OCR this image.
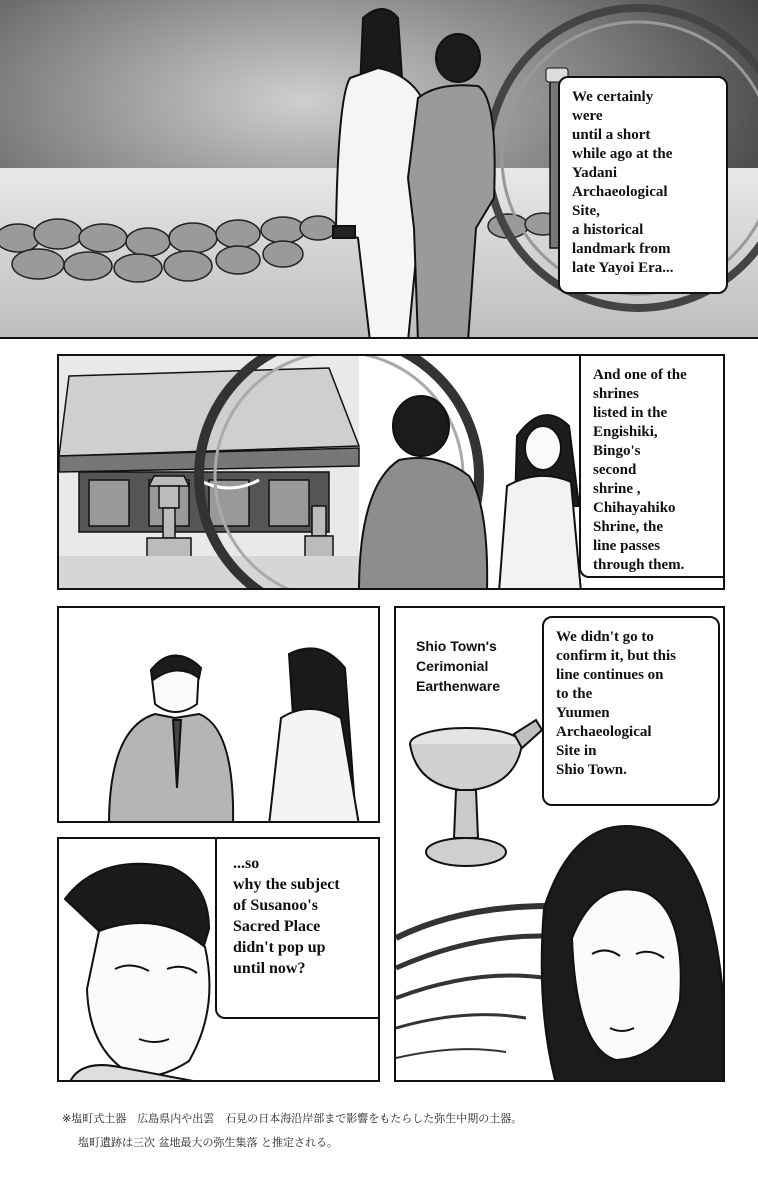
We certainly
were
until a short
while ago at the
Yadani
Archaeological
Site,
a historical
landmark from
late Yayoi Era...
And one of the
shrines
listed in the
Engishiki,
Bingo's
second
shrine ,
Chihayahiko
Shrine, the
line passes
through them.
Shio Town's
Cerimonial
Earthenware
We didn't go to
confirm it, but this
line continues on
to the
Yuumen
Archaeological
Site in
Shio Town.
...so
why the subject
of Susanoo's
Sacred Place
didn't pop up
until now?
※塩町式土器　広島県内や出雲　石見の日本海沿岸部まで影響をもたらした弥生中期の土器。
塩町遺跡は三次 盆地最大の弥生集落 と推定される。
